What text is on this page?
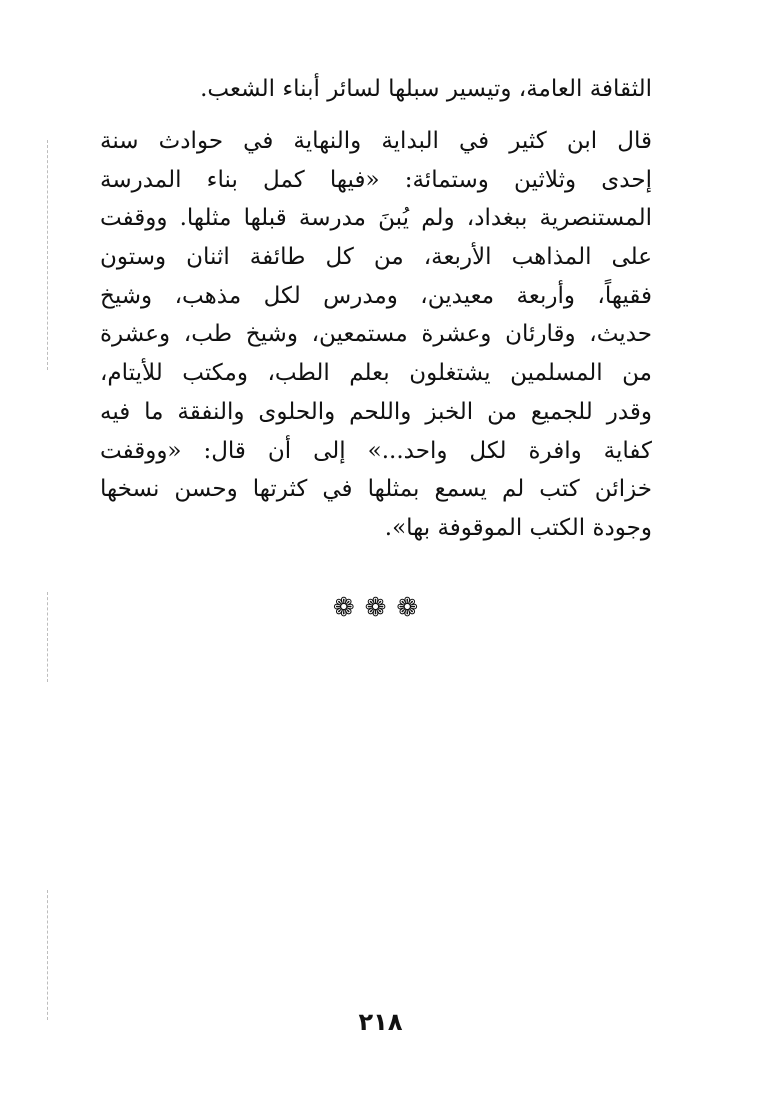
الثقافة العامة، وتيسير سبلها لسائر أبناء الشعب.
قال ابن كثير في البداية والنهاية في حوادث سنة
إحدى وثلاثين وستمائة: «فيها كمل بناء المدرسة
المستنصرية ببغداد، ولم يُبنَ مدرسة قبلها مثلها. ووقفت
على المذاهب الأربعة، من كل طائفة اثنان وستون
فقيهاً، وأربعة معيدين، ومدرس لكل مذهب، وشيخ
حديث، وقارئان وعشرة مستمعين، وشيخ طب، وعشرة
من المسلمين يشتغلون بعلم الطب، ومكتب للأيتام،
وقدر للجميع من الخبز واللحم والحلوى والنفقة ما فيه
كفاية وافرة لكل واحد...» إلى أن قال: «ووقفت
خزائن كتب لم يسمع بمثلها في كثرتها وحسن نسخها
وجودة الكتب الموقوفة بها».
❁❁❁
٢١٨
